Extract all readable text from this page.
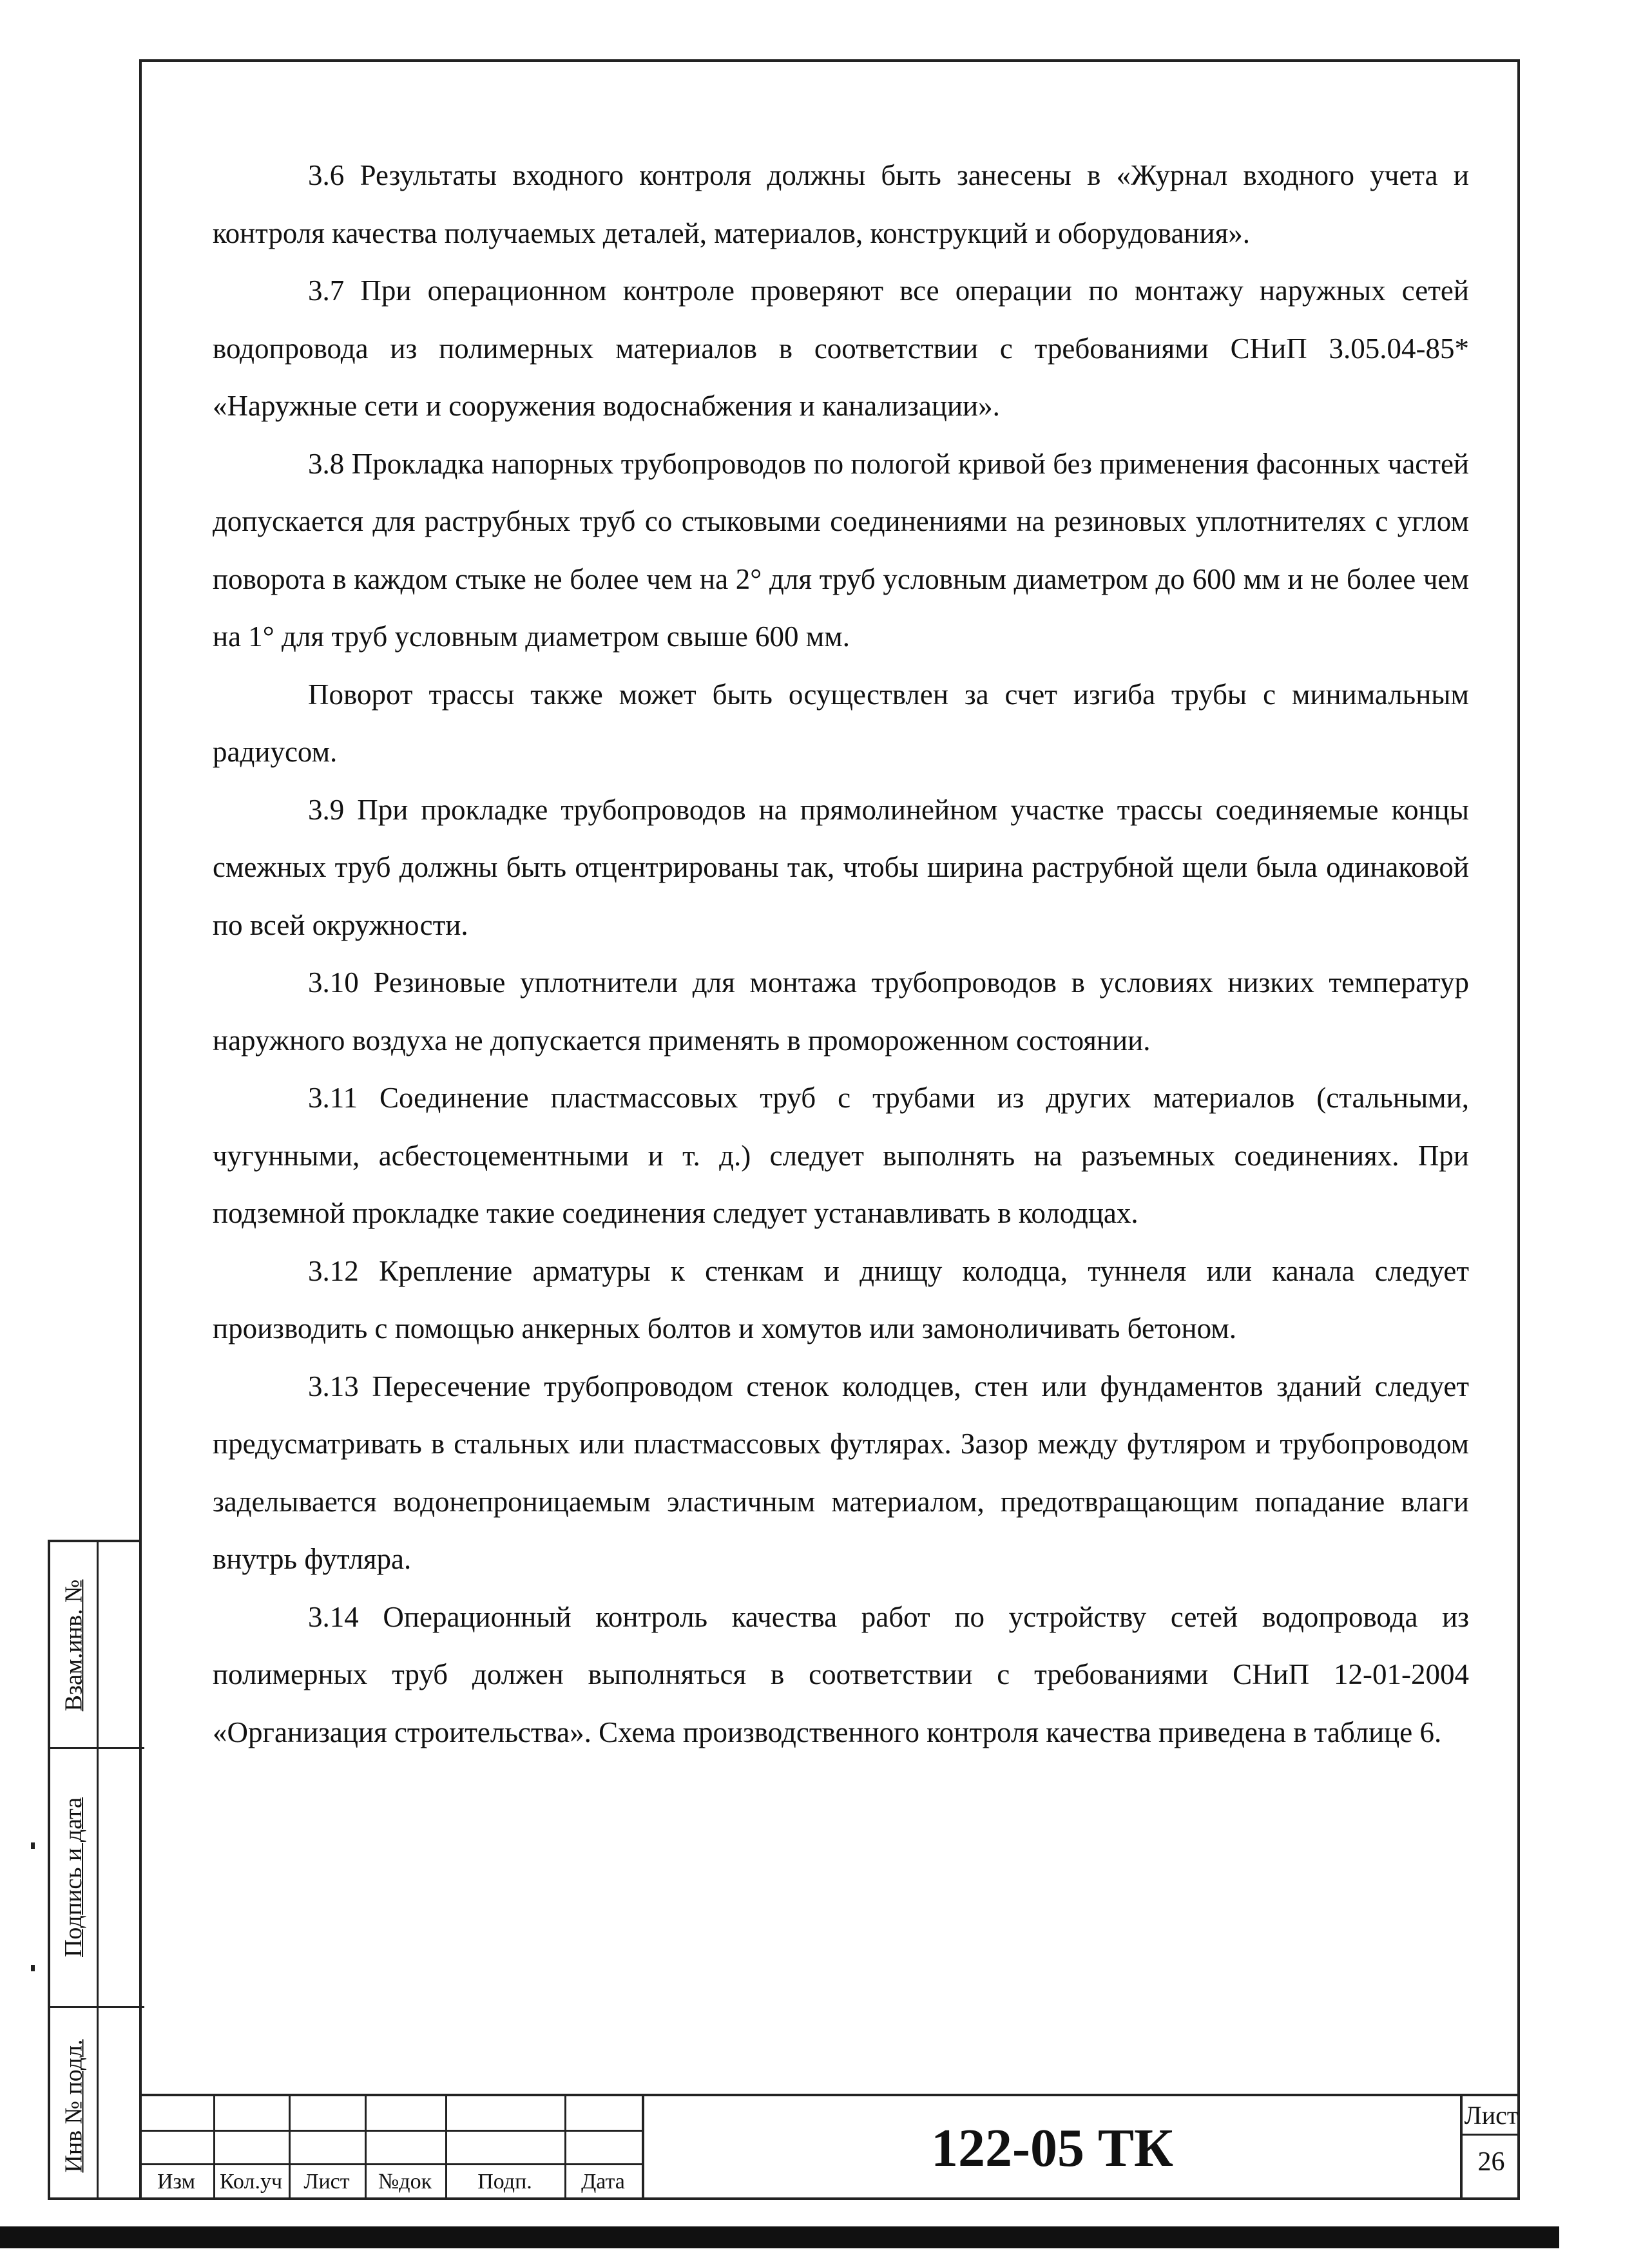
3.6 Результаты входного контроля должны быть занесены в «Журнал входного учета и контроля качества получаемых деталей, материалов, конструкций и оборудования».

3.7 При операционном контроле проверяют все операции по монтажу наружных сетей водопровода из полимерных материалов в соответствии с требованиями СНиП 3.05.04-85* «Наружные сети и сооружения водоснабжения и канализации».

3.8 Прокладка напорных трубопроводов по пологой кривой без применения фасонных частей допускается для раструбных труб со стыковыми соединениями на резиновых уплотнителях с углом поворота в каждом стыке не более чем на 2° для труб условным диаметром до 600 мм и не более чем на 1° для труб условным диаметром свыше 600 мм.

Поворот трассы также может быть осуществлен за счет изгиба трубы с минимальным радиусом.

3.9 При прокладке трубопроводов на прямолинейном участке трассы соединяемые концы смежных труб должны быть отцентрированы так, чтобы ширина раструбной щели была одинаковой по всей окружности.

3.10 Резиновые уплотнители для монтажа трубопроводов в условиях низких температур наружного воздуха не допускается применять в промороженном состоянии.

3.11 Соединение пластмассовых труб с трубами из других материалов (стальными, чугунными, асбестоцементными и т. д.) следует выполнять на разъемных соединениях. При подземной прокладке такие соединения следует устанавливать в колодцах.

3.12 Крепление арматуры к стенкам и днищу колодца, туннеля или канала следует производить с помощью анкерных болтов и хомутов или замоноличивать бетоном.

3.13 Пересечение трубопроводом стенок колодцев, стен или фундаментов зданий следует предусматривать в стальных или пластмассовых футлярах. Зазор между футляром и трубопроводом заделывается водонепроницаемым эластичным материалом, предотвращающим попадание влаги внутрь футляра.

3.14 Операционный контроль качества работ по устройству сетей водопровода из полимерных труб должен выполняться в соответствии с требованиями СНиП 12-01-2004 «Организация строительства». Схема производственного контроля качества приведена в таблице 6.

Взам.инв. №
Подпись и дата
Инв № подл.
Изм	Кол.уч Лист	№док	Подп.	Дата
122-05 ТК
Лист
26
